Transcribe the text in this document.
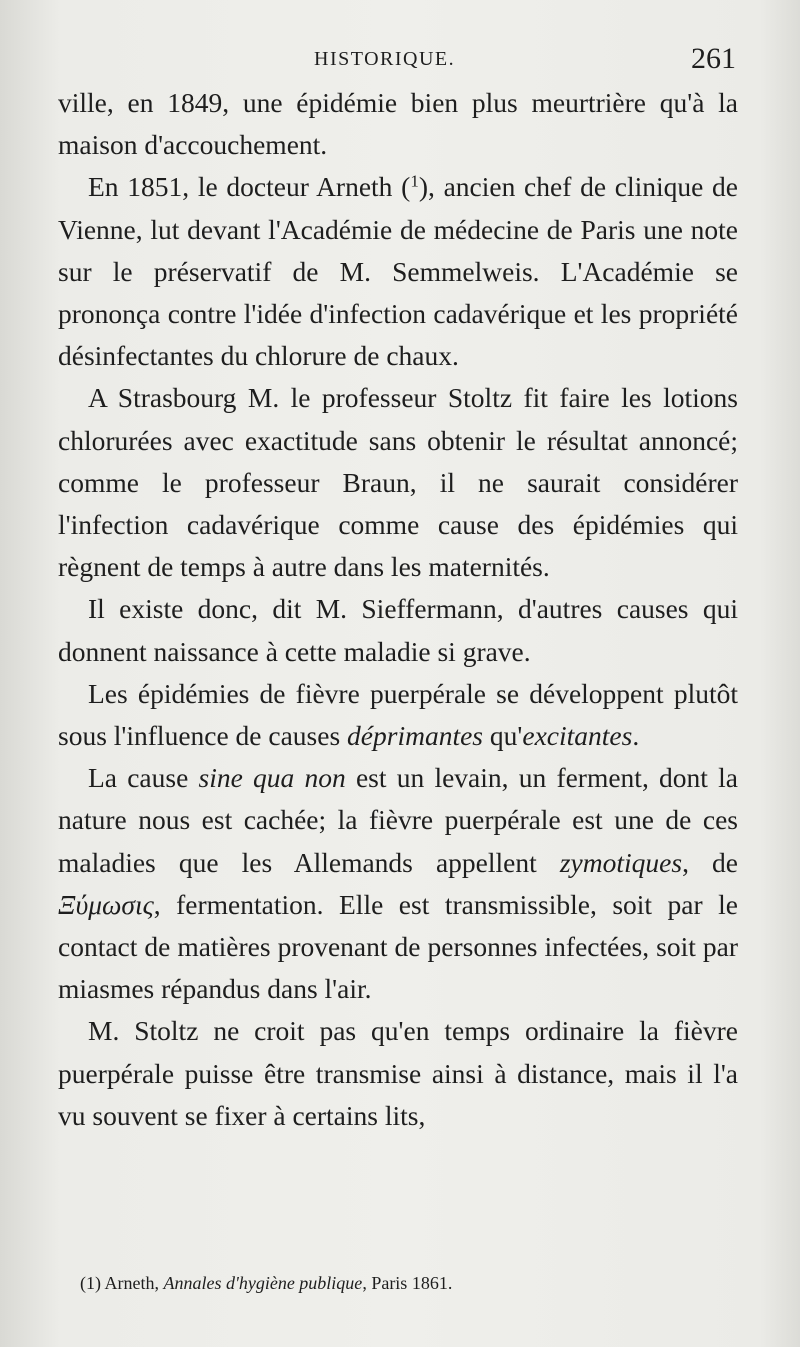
HISTORIQUE.	261

ville, en 1849, une épidémie bien plus meurtrière qu'à la maison d'accouchement.

En 1851, le docteur Arneth ($^1$), ancien chef de clinique de Vienne, lut devant l'Académie de médecine de Paris une note sur le préservatif de M. Semmelweis. L'Académie se prononça contre l'idée d'infection cadavérique et les propriété désinfectantes du chlorure de chaux.

A Strasbourg M. le professeur Stoltz fit faire les lotions chlorurées avec exactitude sans obtenir le résultat annoncé; comme le professeur Braun, il ne saurait considérer l'infection cadavérique comme cause des épidémies qui règnent de temps à autre dans les maternités.

Il existe donc, dit M. Sieffermann, d'autres causes qui donnent naissance à cette maladie si grave.

Les épidémies de fièvre puerpérale se développent plutôt sous l'influence de causes déprimantes qu'excitantes.

La cause sine qua non est un levain, un ferment, dont la nature nous est cachée; la fièvre puerpérale est une de ces maladies que les Allemands appellent zymotiques, de Ξύμωσις, fermentation. Elle est transmissible, soit par le contact de matières provenant de personnes infectées, soit par miasmes répandus dans l'air.

M. Stoltz ne croit pas qu'en temps ordinaire la fièvre puerpérale puisse être transmise ainsi à distance, mais il l'a vu souvent se fixer à certains lits,

(1) Arneth, Annales d'hygiène publique, Paris 1861.
